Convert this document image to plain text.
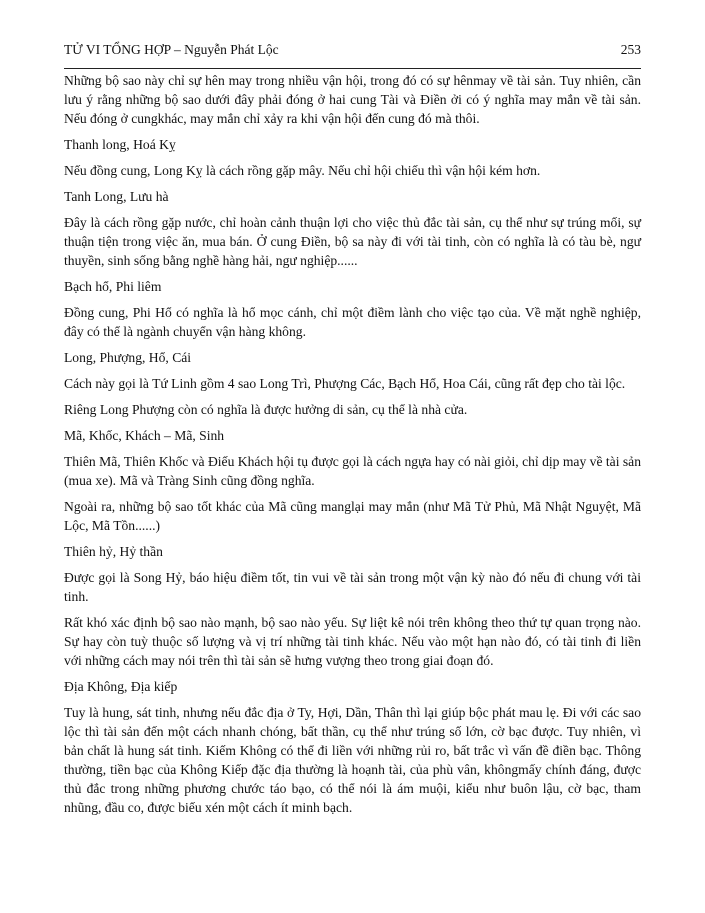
TỬ VI TỔNG HỢP – Nguyễn Phát Lộc	253

Những bộ sao này chỉ sự hên may trong nhiều vận hội, trong đó có sự hênmay về tài sản. Tuy nhiên, cần lưu ý rằng những bộ sao dưới đây phải đóng ở hai cung Tài và Điền ởi có ý nghĩa may mắn về tài sản. Nếu đóng ở cungkhác, may mắn chỉ xảy ra khi vận hội đến cung đó mà thôi.

Thanh long, Hoá Kỵ

Nếu đồng cung, Long Kỵ là cách rồng gặp mây. Nếu chỉ hội chiếu thì vận hội kém hơn.

Tanh Long, Lưu hà

Đây là cách rồng gặp nước, chỉ hoàn cảnh thuận lợi cho việc thủ đắc tài sản, cụ thể như sự trúng mối, sự thuận tiện trong việc ăn, mua bán. Ở cung Điền, bộ sa này đi với tài tinh, còn có nghĩa là có tàu bè, ngư thuyền, sinh sống bằng nghề hàng hải, ngư nghiệp......

Bạch hổ, Phi liêm

Đồng cung, Phi Hổ có nghĩa là hổ mọc cánh, chỉ một điềm lành cho việc tạo của. Về mặt nghề nghiệp, đây có thể là ngành chuyển vận hàng không.

Long, Phượng, Hổ, Cái

Cách này gọi là Tứ Linh gồm 4 sao Long Trì, Phượng Các, Bạch Hổ, Hoa Cái, cũng rất đẹp cho tài lộc.

Riêng Long Phượng còn có nghĩa là được hưởng di sản, cụ thể là nhà cửa.

Mã, Khốc, Khách – Mã, Sinh

Thiên Mã, Thiên Khốc và Điếu Khách hội tụ được gọi là cách ngựa hay có nài giỏi, chỉ dịp may về tài sản (mua xe). Mã và Tràng Sinh cũng đồng nghĩa.

Ngoài ra, những bộ sao tốt khác của Mã cũng manglại may mắn (như Mã Tử Phủ, Mã Nhật Nguyệt, Mã Lộc, Mã Tồn......)

Thiên hỷ, Hỷ thần

Được gọi là Song Hỷ, báo hiệu điềm tốt, tin vui về tài sản trong một vận kỳ nào đó nếu đi chung với tài tinh.

Rất khó xác định bộ sao nào mạnh, bộ sao nào yếu. Sự liệt kê nói trên không theo thứ tự quan trọng nào. Sự hay còn tuỳ thuộc số lượng và vị trí những tài tinh khác. Nếu vào một hạn nào đó, có tài tinh đi liền với những cách may nói trên thì tài sản sẽ hưng vượng theo trong giai đoạn đó.

Địa Không, Địa kiếp

Tuy là hung, sát tinh, nhưng nếu đắc địa ở Ty, Hợi, Dần, Thân thì lại giúp bộc phát mau lẹ. Đi với các sao lộc thì tài sản đến một cách nhanh chóng, bất thần, cụ thể như trúng số lớn, cờ bạc được. Tuy nhiên, vì bản chất là hung sát tinh. Kiếm Không có thể đi liền với những rủi ro, bất trắc vì vấn đề điền bạc. Thông thường, tiền bạc của Không Kiếp đặc địa thường là hoạnh tài, của phù vân, khôngmấy chính đáng, được thủ đắc trong những phương chước táo bạo, có thể nói là ám muội, kiểu như buôn lậu, cờ bạc, tham nhũng, đầu co, được biếu xén một cách ít minh bạch.
